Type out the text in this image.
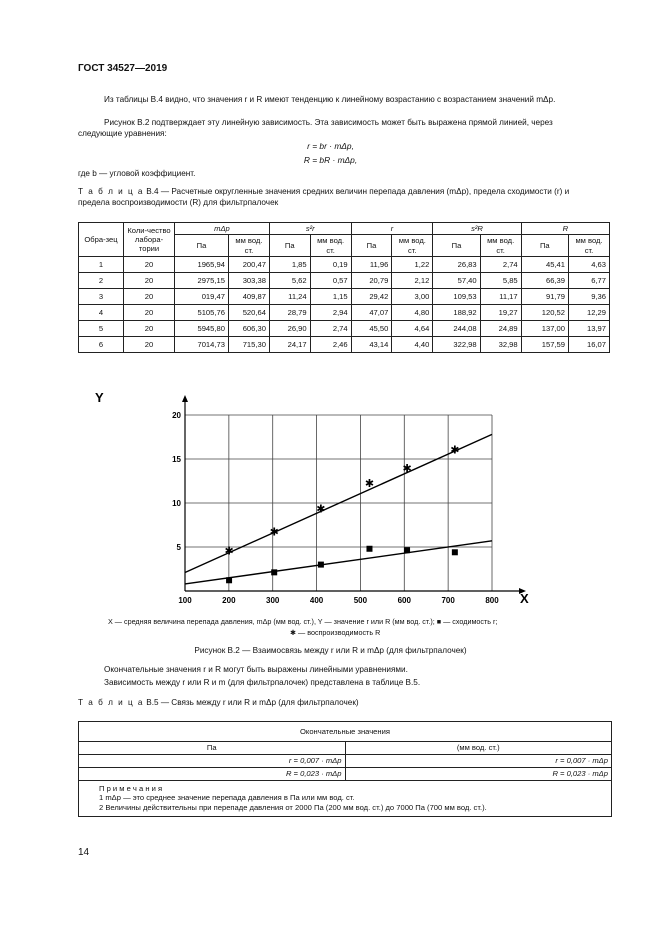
ГОСТ 34527—2019
Из таблицы В.4 видно, что значения r и R имеют тенденцию к линейному возрастанию с возрастанием значений mΔp.
Рисунок В.2 подтверждает эту линейную зависимость. Эта зависимость может быть выражена прямой линией, через следующие уравнения:
r = br · mΔp,
R = bR · mΔp,
где b — угловой коэффициент.
Т а б л и ц а В.4 — Расчетные округленные значения средних величин перепада давления (mΔp), предела сходимости (r) и предела воспроизводимости (R) для фильтрпалочек
Обра-зец	Коли-чество лабора-тории	mΔp		s²r		r		s²R		R	
		Па	мм вод. ст.	Па	мм вод. ст.	Па	мм вод. ст.	Па	мм вод. ст.	Па	мм вод. ст.
1	20	1965,94	200,47	1,85	0,19	11,96	1,22	26,83	2,74	45,41	4,63
2	20	2975,15	303,38	5,62	0,57	20,79	2,12	57,40	5,85	66,39	6,77
3	20	019,47	409,87	11,24	1,15	29,42	3,00	109,53	11,17	91,79	9,36
4	20	5105,76	520,64	28,79	2,94	47,07	4,80	188,92	19,27	120,52	12,29
5	20	5945,80	606,30	26,90	2,74	45,50	4,64	244,08	24,89	137,00	13,97
6	20	7014,73	715,30	24,17	2,46	43,14	4,40	322,98	32,98	157,59	16,07
✱
✱
✱
✱
✱
✱
100	200	300	400	500	600	700	800
5
10
15
20
X
Y
X — средняя величина перепада давления, mΔp (мм вод. ст.), Y — значение r или R (мм вод. ст.); ■ — сходимость r;
✱ — воспроизводимость R
Рисунок В.2 — Взаимосвязь между r или R и mΔp (для фильтрпалочек)
Окончательные значения r и R могут быть выражены линейными уравнениями.
Зависимость между r или R и m (для фильтрпалочек) представлена в таблице В.5.
Т а б л и ц а В.5 — Связь между r или R и mΔp (для фильтрпалочек)
Окончательные значения	
Па	(мм вод. ст.)
r = 0,007 · mΔp	r = 0,007 · mΔp
R = 0,023 · mΔp	R = 0,023 · mΔp

П р и м е ч а н и я
1 mΔp — это среднее значение перепада давления в Па или мм вод. ст.
2 Величины действительны при перепаде давления от 2000 Па (200 мм вод. ст.) до 7000 Па (700 мм вод. ст.).	
14
